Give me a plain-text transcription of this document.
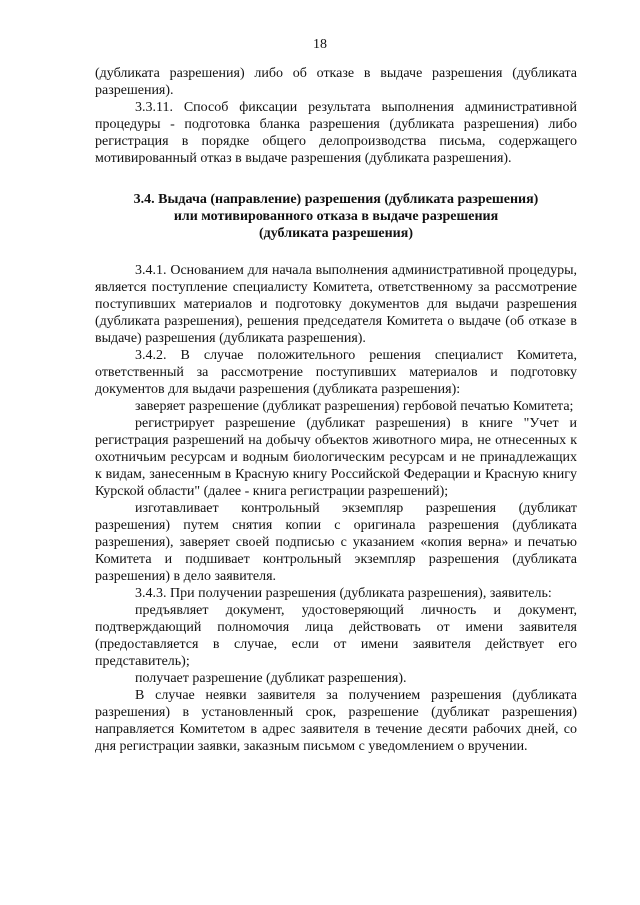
18

(дубликата разрешения) либо об отказе в выдаче разрешения (дубликата разрешения).

3.3.11. Способ фиксации результата выполнения административной процедуры - подготовка бланка разрешения (дубликата разрешения) либо регистрация в порядке общего делопроизводства письма, содержащего мотивированный отказ в выдаче разрешения (дубликата разрешения).

3.4. Выдача (направление) разрешения (дубликата разрешения)
или мотивированного отказа в выдаче разрешения
(дубликата разрешения)

3.4.1. Основанием для начала выполнения административной процедуры, является поступление специалисту Комитета, ответственному за рассмотрение поступивших материалов и подготовку документов для выдачи разрешения (дубликата разрешения), решения председателя Комитета о выдаче (об отказе в выдаче) разрешения (дубликата разрешения).

3.4.2. В случае положительного решения специалист Комитета, ответственный за рассмотрение поступивших материалов и подготовку документов для выдачи разрешения (дубликата разрешения):

заверяет разрешение (дубликат разрешения) гербовой печатью Комитета;

регистрирует разрешение (дубликат разрешения) в книге "Учет и регистрация разрешений на добычу объектов животного мира, не отнесенных к охотничьим ресурсам и водным биологическим ресурсам и не принадлежащих к видам, занесенным в Красную книгу Российской Федерации и Красную книгу Курской области" (далее - книга регистрации разрешений);

изготавливает контрольный экземпляр разрешения (дубликат разрешения) путем снятия копии с оригинала разрешения (дубликата разрешения), заверяет своей подписью с указанием «копия верна» и печатью Комитета и подшивает контрольный экземпляр разрешения (дубликата разрешения) в дело заявителя.

3.4.3. При получении разрешения (дубликата разрешения), заявитель:

предъявляет документ, удостоверяющий личность и документ, подтверждающий полномочия лица действовать от имени заявителя (предоставляется в случае, если от имени заявителя действует его представитель);

получает разрешение (дубликат разрешения).

В случае неявки заявителя за получением разрешения (дубликата разрешения) в установленный срок, разрешение (дубликат разрешения) направляется Комитетом в адрес заявителя в течение десяти рабочих дней, со дня регистрации заявки, заказным письмом с уведомлением о вручении.
